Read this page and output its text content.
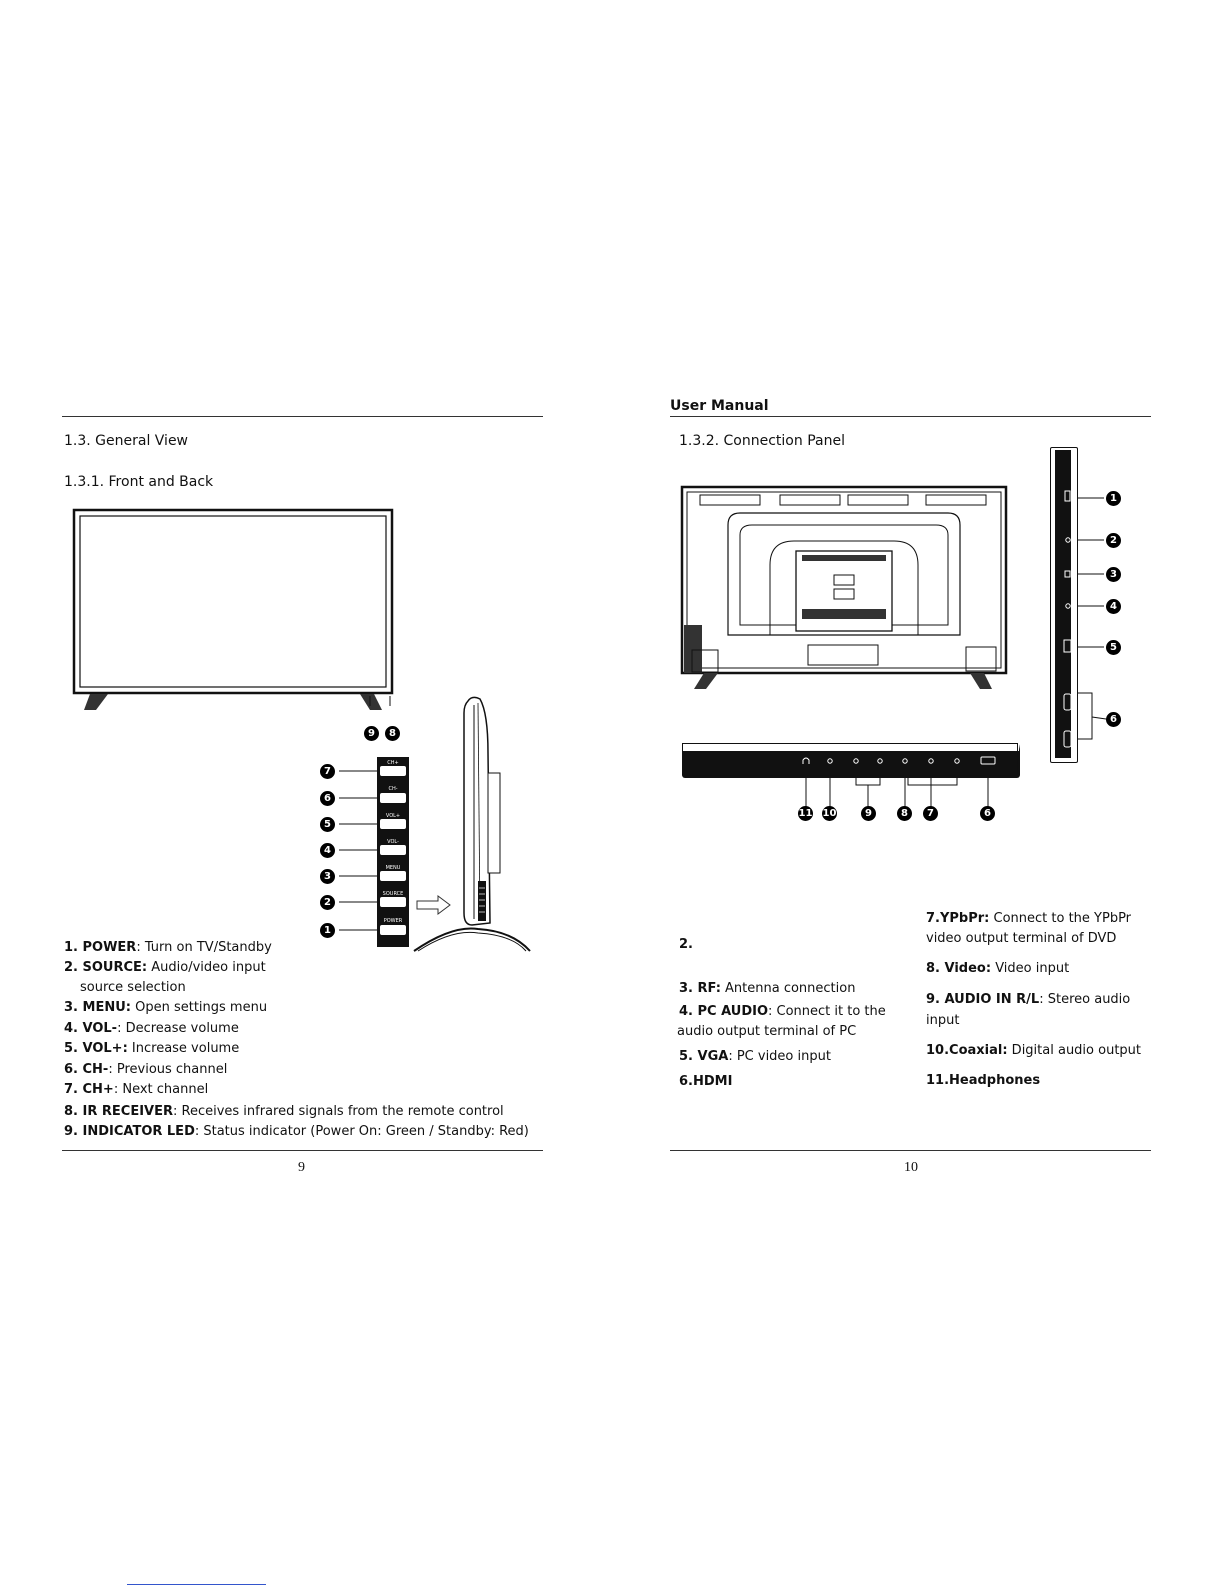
1.3. General View
1.3.1. Front and Back
9	8
CH+
CH-
VOL+
VOL-
MENU
SOURCE
POWER
7
6
5
4
3
2
1
1. POWER: Turn on TV/Standby
2. SOURCE: Audio/video input
source selection
3. MENU: Open settings menu
4. VOL-: Decrease volume
5. VOL+: Increase volume
6. CH-: Previous channel
7. CH+: Next channel
8. IR RECEIVER: Receives infrared signals from the remote control
9. INDICATOR LED: Status indicator (Power On: Green / Standby: Red)
9
User Manual
1.3.2. Connection Panel
1
2
3
4
5
6
11 10	9	8	7	6
2.
3. RF: Antenna connection
4. PC AUDIO: Connect it to the
audio output terminal of PC
5. VGA: PC video input
6.HDMI
7.YPbPr: Connect to the YPbPr
video output terminal of DVD
8. Video: Video input
9. AUDIO IN R/L: Stereo audio
input
10.Coaxial: Digital audio output
11.Headphones
10
